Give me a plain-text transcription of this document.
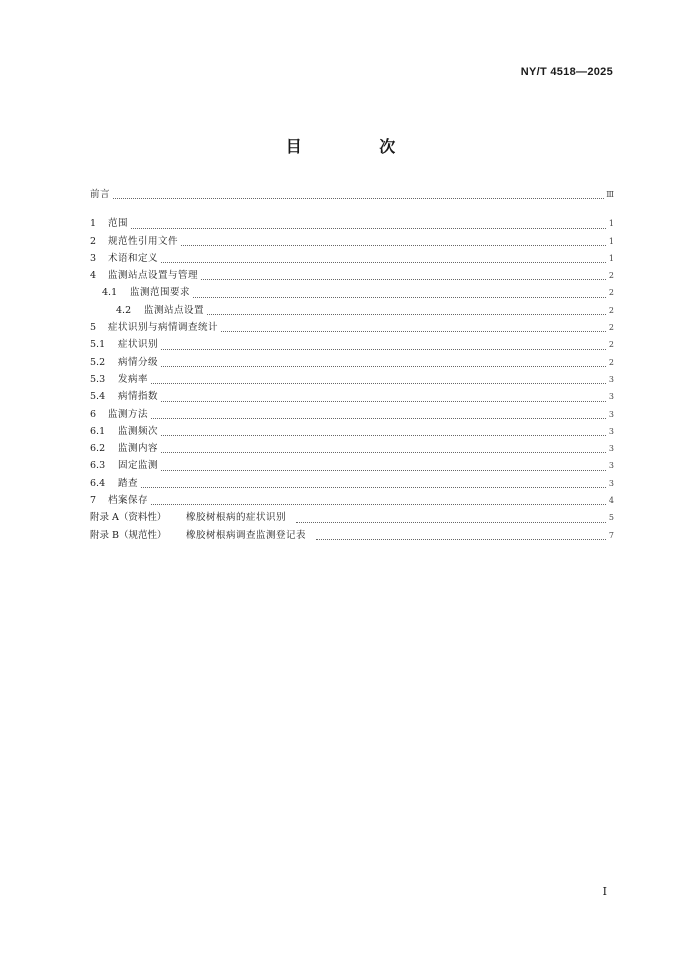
NY/T 4518—2025
目 次
前言	Ⅲ
1	范围	1
2	规范性引用文件	1
3	术语和定义	1
4	监测站点设置与管理	2
4.1	监测范围要求	2
4.2	监测站点设置	2
5	症状识别与病情调查统计	2
5.1	症状识别	2
5.2	病情分级	2
5.3	发病率	3
5.4	病情指数	3
6	监测方法	3
6.1	监测频次	3
6.2	监测内容	3
6.3	固定监测	3
6.4	踏查	3
7	档案保存	4
附录 A（资料性）	橡胶树根病的症状识别	5
附录 B（规范性）	橡胶树根病调查监测登记表	7
I
